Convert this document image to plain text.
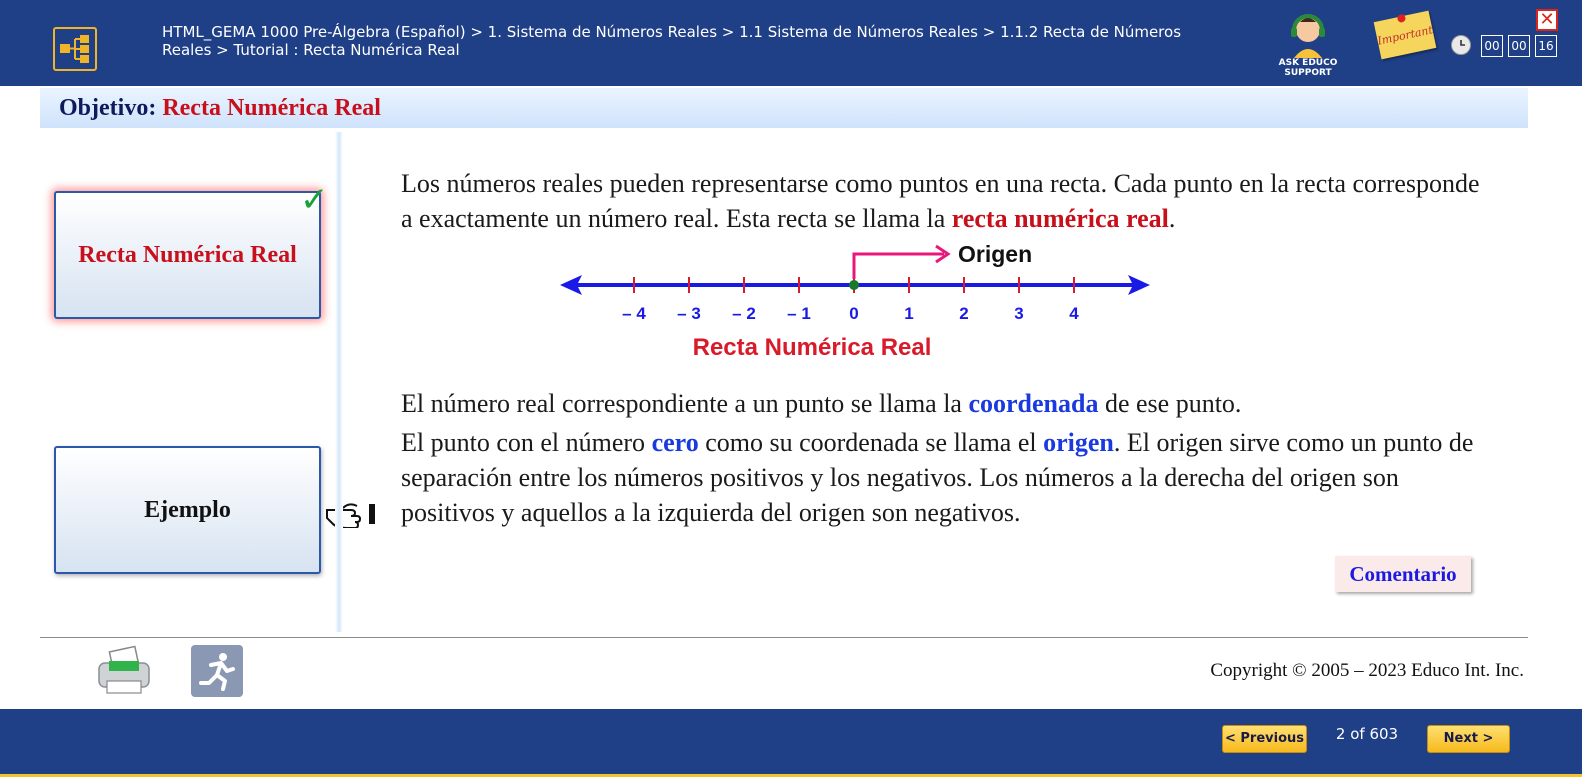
HTML_GEMA 1000 Pre-Álgebra (Español) > 1. Sistema de Números Reales > 1.1 Sistema de Números Reales > 1.1.2 Recta de Números Reales > Tutorial : Recta Numérica Real
ASK EDUCO SUPPORT
Important	00 00 16
✕
Objetivo: Recta Numérica Real
Recta Numérica Real
✓
Ejemplo
Los números reales pueden representarse como puntos en una recta. Cada punto en la recta corresponde a exactamente un número real. Esta recta se llama la recta numérica real.
– 4 – 3 – 2 – 1 0	1	2	3	4
Origen
Recta Numérica Real
El número real correspondiente a un punto se llama la coordenada de ese punto.
El punto con el número cero como su coordenada se llama el origen. El origen sirve como un punto de separación entre los números positivos y los negativos. Los números a la derecha del origen son positivos y aquellos a la izquierda del origen son negativos.
Comentario
Copyright © 2005 – 2023 Educo Int. Inc.
< Previous	2 of 603	Next >
